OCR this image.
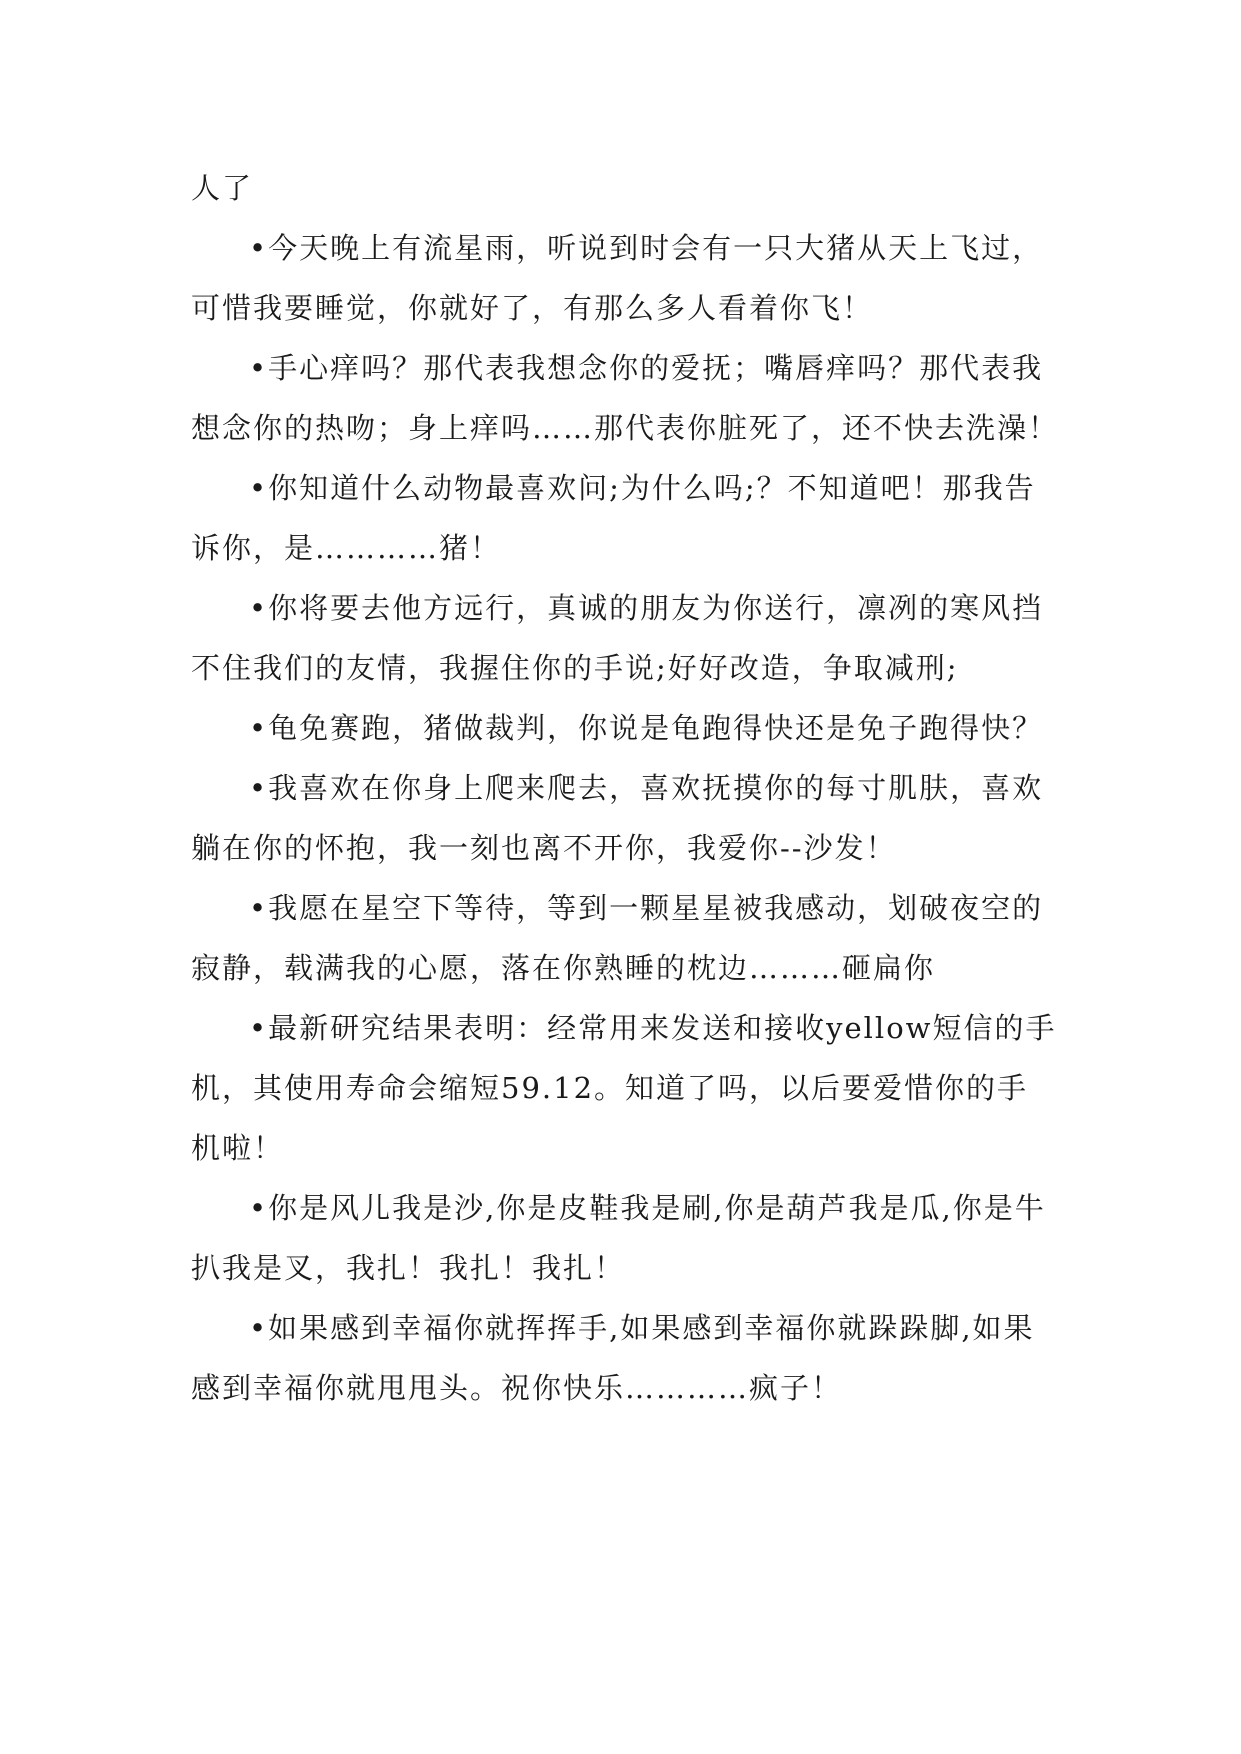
人了

•今天晚上有流星雨，听说到时会有一只大猪从天上飞过，可惜我要睡觉，你就好了，有那么多人看着你飞！

•手心痒吗？那代表我想念你的爱抚；嘴唇痒吗？那代表我想念你的热吻；身上痒吗……那代表你脏死了，还不快去洗澡！

•你知道什么动物最喜欢问;为什么吗;？不知道吧！那我告诉你，是…………猪！

•你将要去他方远行，真诚的朋友为你送行，凛冽的寒风挡不住我们的友情，我握住你的手说;好好改造，争取减刑;

•龟免赛跑，猪做裁判，你说是龟跑得快还是免子跑得快？

•我喜欢在你身上爬来爬去，喜欢抚摸你的每寸肌肤，喜欢躺在你的怀抱，我一刻也离不开你，我爱你--沙发！

•我愿在星空下等待，等到一颗星星被我感动，划破夜空的寂静，载满我的心愿，落在你熟睡的枕边………砸扁你

•最新研究结果表明：经常用来发送和接收yellow短信的手机，其使用寿命会缩短59.12。知道了吗，以后要爱惜你的手机啦！

•你是风儿我是沙,你是皮鞋我是刷,你是葫芦我是瓜,你是牛扒我是叉，我扎！我扎！我扎！

•如果感到幸福你就挥挥手,如果感到幸福你就跺跺脚,如果感到幸福你就甩甩头。祝你快乐…………疯子！
